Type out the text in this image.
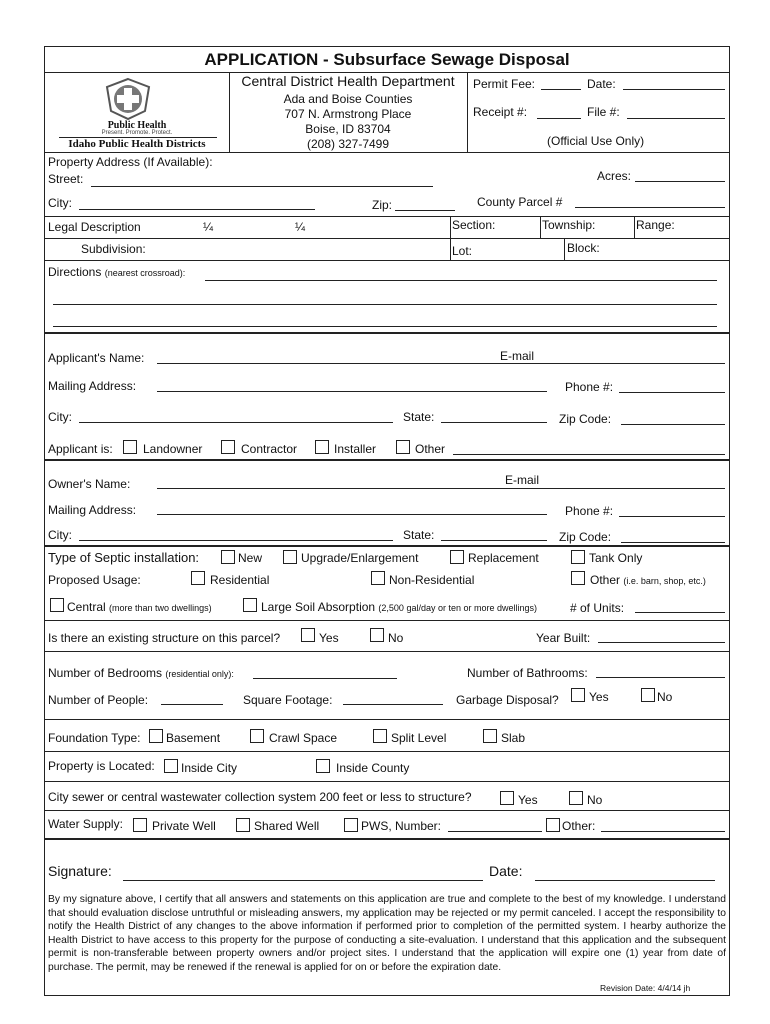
APPLICATION - Subsurface Sewage Disposal
Public Health
Present. Promote. Protect.
Idaho Public Health Districts
Central District Health Department
Ada and Boise Counties
707 N. Armstrong Place
Boise, ID 83704
(208) 327-7499
Permit Fee:	Date:
Receipt #:	File #:
(Official Use Only)
Property Address (If Available):
Street:	Acres:
City:	Zip:	County Parcel #
Legal Description	¼	¼	Section:	Township:	Range:
Subdivision:	Lot:	Block:
Directions (nearest crossroad):
Applicant's Name:	E-mail
Mailing Address:	Phone #:
City:	State:	Zip Code:
Applicant is:	Landowner	Contractor	Installer	Other
Owner's Name:	E-mail
Mailing Address:	Phone #:
City:	State:	Zip Code:
Type of Septic installation:	New	Upgrade/Enlargement	Replacement	Tank Only
Proposed Usage:	Residential	Non-Residential	Other (i.e. barn, shop, etc.)
Central (more than two dwellings)	Large Soil Absorption (2,500 gal/day or ten or more dwellings)	# of Units:
Is there an existing structure on this parcel?	Yes	No	Year Built:
Number of Bedrooms (residential only):	Number of Bathrooms:
Number of People:	Square Footage:	Garbage Disposal?	Yes	No
Foundation Type: Basement	Crawl Space	Split Level	Slab
Property is Located: Inside City	Inside County
City sewer or central wastewater collection system 200 feet or less to structure?	Yes	No
Water Supply: Private Well	Shared Well	PWS, Number:	Other:
Signature:	Date:
By my signature above, I certify that all answers and statements on this application are true and complete to the best of my knowledge. I understand that should evaluation disclose untruthful or misleading answers, my application may be rejected or my permit canceled. I accept the responsibility to notify the Health District of any changes to the above information if performed prior to completion of the permitted system. I hearby authorize the Health District to have access to this property for the purpose of conducting a site-evaluation. I understand that this application and the subsequent permit is non-transferable between property owners and/or project sites. I understand that the application will expire one (1) year from date of purchase. The permit, may be renewed if the renewal is applied for on or before the expiration date.
Revision Date: 4/4/14 jh
